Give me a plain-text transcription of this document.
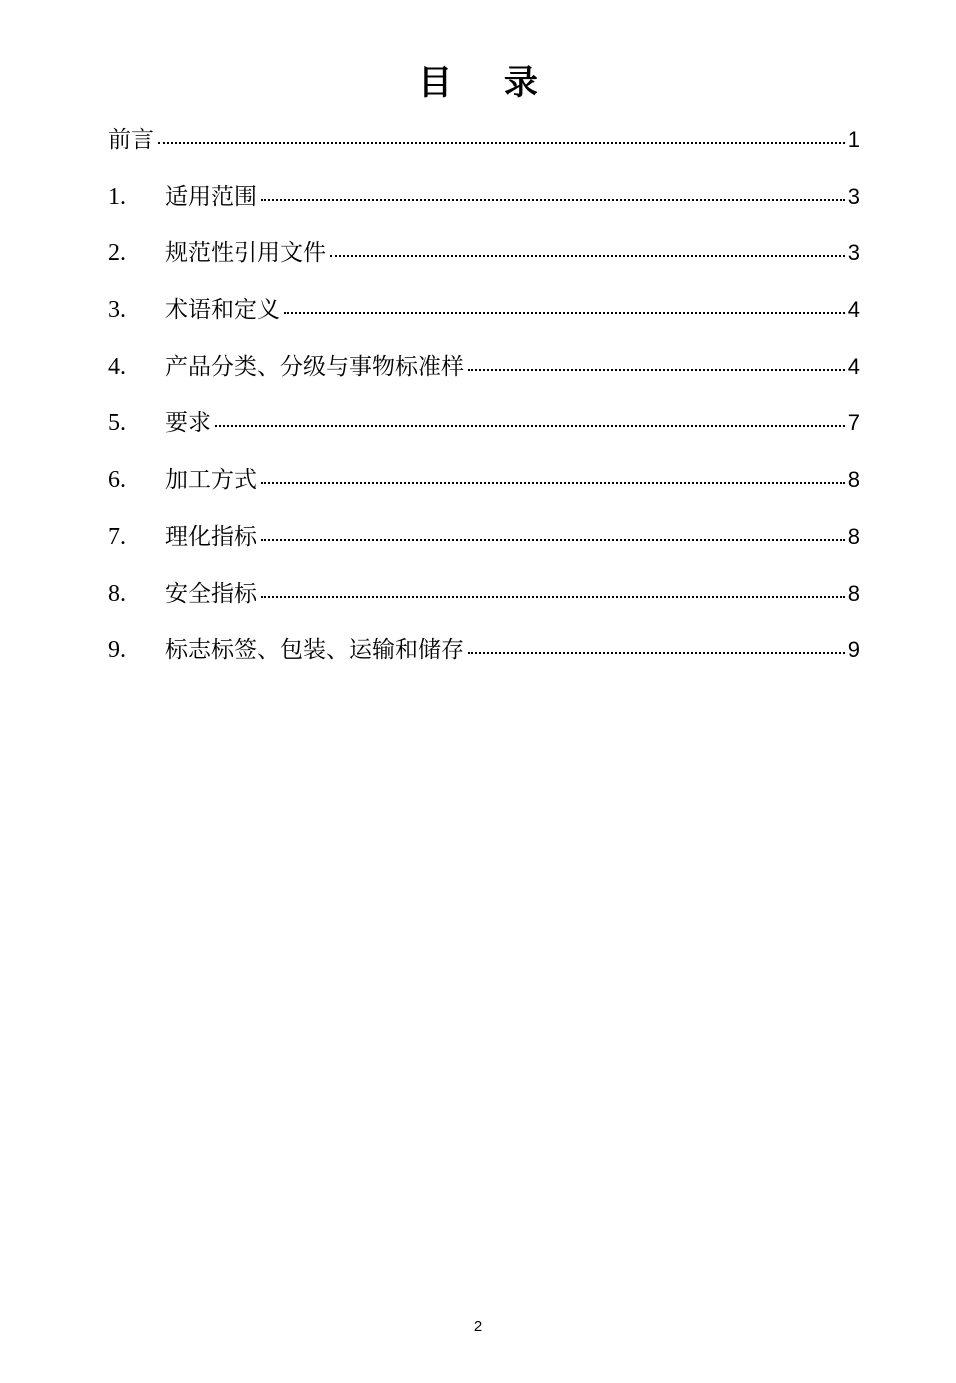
目 录
前言	1
1.	适用范围	3
2.	规范性引用文件	3
3.	术语和定义	4
4.	产品分类、分级与事物标准样	4
5.	要求	7
6.	加工方式	8
7.	理化指标	8
8.	安全指标	8
9.	标志标签、包装、运输和储存	9
2
